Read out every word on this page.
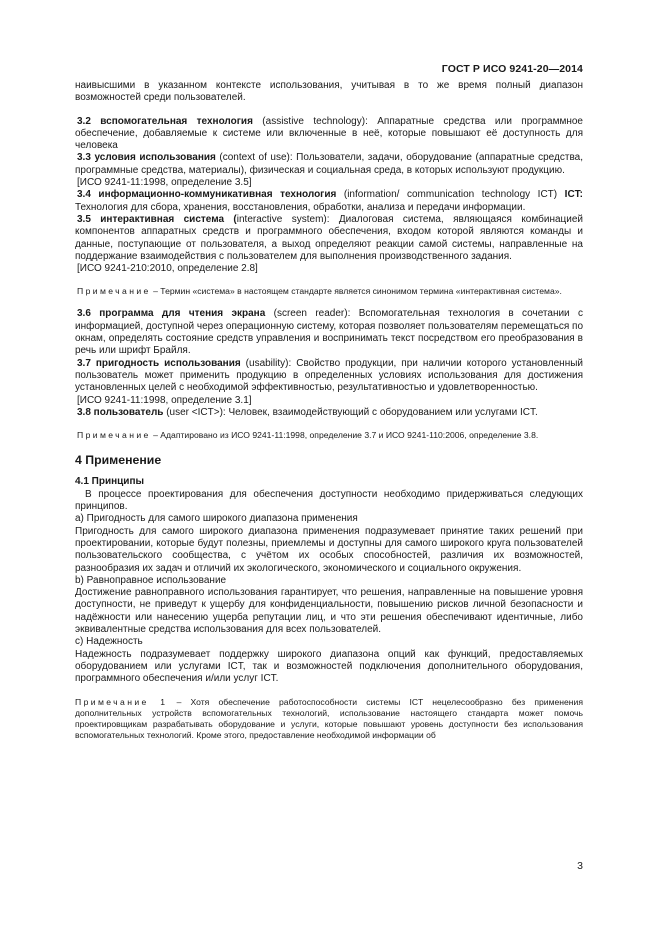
ГОСТ Р ИСО 9241-20—2014

наивысшими в указанном контексте использования, учитывая в то же время полный диапазон возможностей среди пользователей.

3.2 вспомогательная технология (assistive technology): Аппаратные средства или программное обеспечение, добавляемые к системе или включенные в неё, которые повышают её доступность для человека

3.3 условия использования (context of use): Пользователи, задачи, оборудование (аппаратные средства, программные средства, материалы), физическая и социальная среда, в которых используют продукцию.

[ИСО 9241-11:1998, определение 3.5]

3.4 информационно-коммуникативная технология (information/ communication technology ICT) ICT: Технология для сбора, хранения, восстановления, обработки, анализа и передачи информации.

3.5 интерактивная система (interactive system): Диалоговая система, являющаяся комбинацией компонентов аппаратных средств и программного обеспечения, входом которой являются команды и данные, поступающие от пользователя, а выход определяют реакции самой системы, направленные на поддержание взаимодействия с пользователем для выполнения производственного задания.

[ИСО 9241-210:2010, определение 2.8]

Примечание – Термин «система» в настоящем стандарте является синонимом термина «интерактивная система».

3.6 программа для чтения экрана (screen reader): Вспомогательная технология в сочетании с информацией, доступной через операционную систему, которая позволяет пользователям перемещаться по окнам, определять состояние средств управления и воспринимать текст посредством его преобразования в речь или шрифт Брайля.

3.7 пригодность использования (usability): Свойство продукции, при наличии которого установленный пользователь может применить продукцию в определенных условиях использования для достижения установленных целей с необходимой эффективностью, результативностью и удовлетворенностью.

[ИСО 9241-11:1998, определение 3.1]

3.8 пользователь (user <ICT>): Человек, взаимодействующий с оборудованием или услугами ICT.

Примечание – Адаптировано из ИСО 9241-11:1998, определение 3.7 и ИСО 9241-110:2006, определение 3.8.

4 Применение

4.1 Принципы

В процессе проектирования для обеспечения доступности необходимо придерживаться следующих принципов.

a) Пригодность для самого широкого диапазона применения

Пригодность для самого широкого диапазона применения подразумевает принятие таких решений при проектировании, которые будут полезны, приемлемы и доступны для самого широкого круга пользователей пользовательского сообщества, с учётом их особых способностей, различия их возможностей, разнообразия их задач и отличий их экологического, экономического и социального окружения.

b) Равноправное использование

Достижение равноправного использования гарантирует, что решения, направленные на повышение уровня доступности, не приведут к ущербу для конфиденциальности, повышению рисков личной безопасности и надёжности или нанесению ущерба репутации лиц, и что эти решения обеспечивают идентичные, либо эквивалентные средства использования для всех пользователей.

c) Надежность

Надежность подразумевает поддержку широкого диапазона опций как функций, предоставляемых оборудованием или услугами ICT, так и возможностей подключения дополнительного оборудования, программного обеспечения и/или услуг ICT.

Примечание 1 – Хотя обеспечение работоспособности системы ICT нецелесообразно без применения дополнительных устройств вспомогательных технологий, использование настоящего стандарта может помочь проектировщикам разрабатывать оборудование и услуги, которые повышают уровень доступности без использования вспомогательных технологий. Кроме этого, предоставление необходимой информации об

3
